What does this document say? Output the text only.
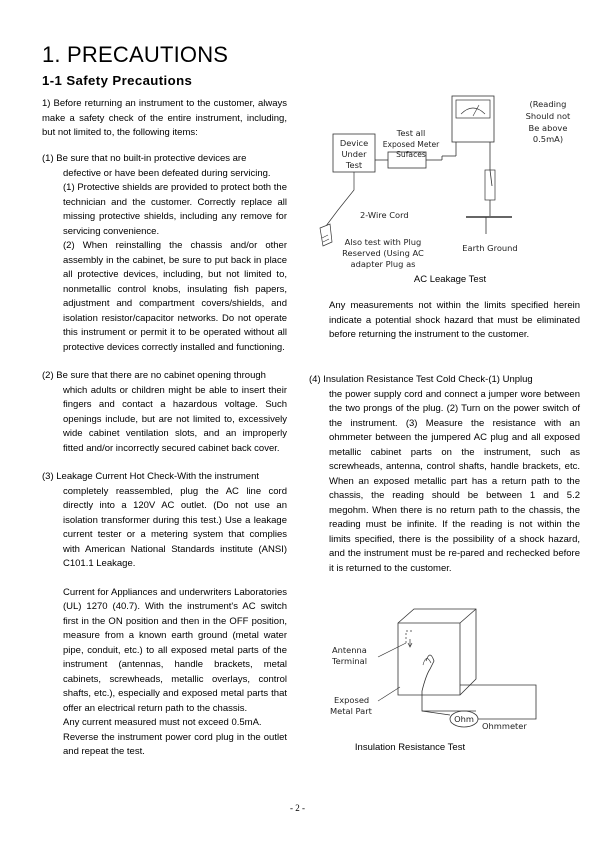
1. PRECAUTIONS
1-1 Safety Precautions

1) Before returning an instrument to the customer, always make a safety check of the entire instrument, including, but not limited to, the following items:

(1) Be sure that no built-in protective devices are

defective or have been defeated during servicing.

(1) Protective shields are provided to protect both the technician and the customer. Correctly replace all missing protective shields, including any remove for servicing convenience.

(2) When reinstalling the chassis and/or other assembly in the cabinet, be sure to put back in place all protective devices, including, but not limited to, nonmetallic control knobs, insulating fish papers, adjustment and compartment covers/shields, and isolation resistor/capacitor networks. Do not operate this instrument or permit it to be operated without all protective devices correctly installed and functioning.

(2) Be sure that there are no cabinet opening through

which adults or children might be able to insert their fingers and contact a hazardous voltage. Such openings include, but are not limited to, excessively wide cabinet ventilation slots, and an improperly fitted and/or incorrectly secured cabinet back cover.

(3) Leakage Current Hot Check-With the instrument

completely reassembled, plug the AC line cord directly into a 120V AC outlet. (Do not use an isolation transformer during this test.) Use a leakage current tester or a metering system that complies with American National Standards institute (ANSI) C101.1 Leakage.

Current for Appliances and underwriters Laboratories (UL) 1270 (40.7). With the instrument's AC switch first in the ON position and then in the OFF position, measure from a known earth ground (metal water pipe, conduit, etc.) to all exposed metal parts of the instrument (antennas, handle brackets, metal cabinets, screwheads, metallic overlays, control shafts, etc.), especially and exposed metal parts that offer an electrical return path to the chassis.

Any current measured must not exceed 0.5mA.

Reverse the instrument power cord plug in the outlet and repeat the test.

(Reading
Should not
Be above
0.5mA)
Earth Ground
Device
Under
Test
Test all
Exposed Meter
Sufaces
2-Wire Cord
Also test with Plug
Reserved (Using AC
adapter Plug as
AC Leakage Test

Any measurements not within the limits specified herein indicate a potential shock hazard that must be eliminated before returning the instrument to the customer.

(4) Insulation Resistance Test Cold Check-(1) Unplug

the power supply cord and connect a jumper wore between the two prongs of the plug. (2) Turn on the power switch of the instrument. (3) Measure the resistance with an ohmmeter between the jumpered AC plug and all exposed metallic cabinet parts on the instrument, such as screwheads, antenna, control shafts, handle brackets, etc. When an exposed metallic part has a return path to the chassis, the reading should be between 1 and 5.2 megohm. When there is no return path to the chassis, the reading must be infinite. If the reading is not within the limits specified, there is the possibility of a shock hazard, and the instrument must be re-pared and rechecked before it is returned to the customer.

Antenna
Terminal
Exposed
Metal Part
Ohm
Ohmmeter
Insulation Resistance Test
- 2 -
